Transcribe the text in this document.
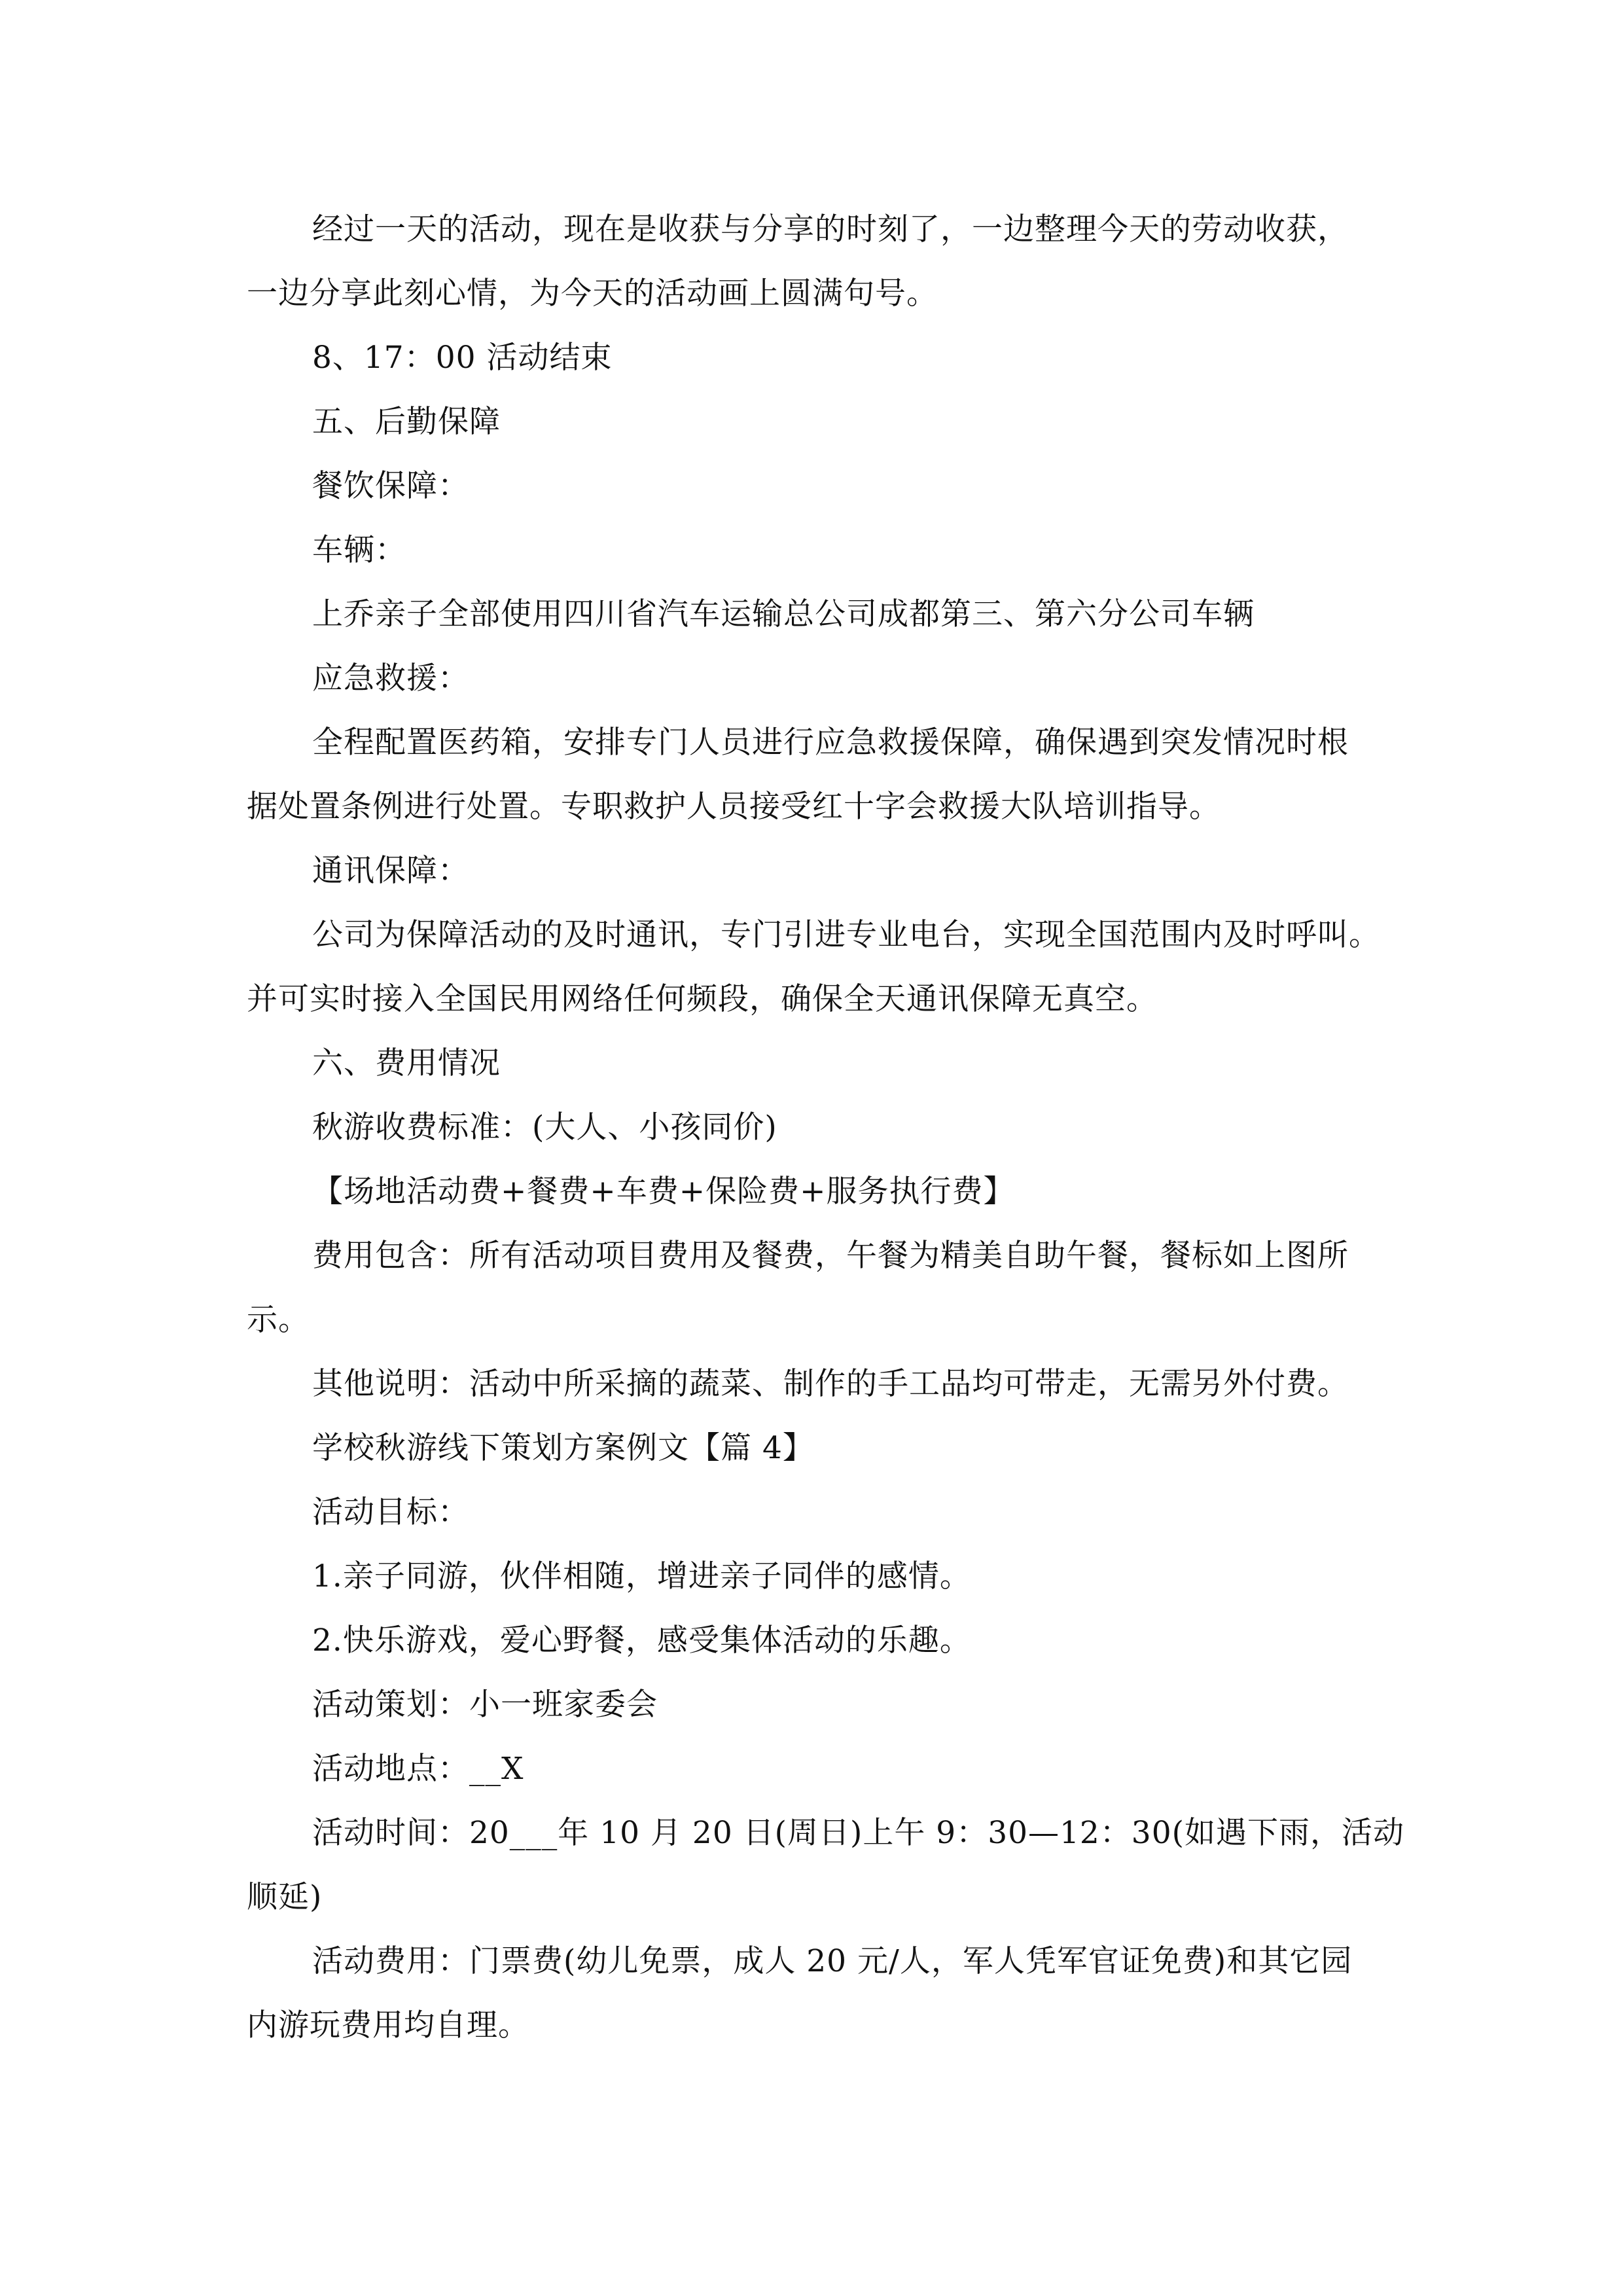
经过一天的活动，现在是收获与分享的时刻了，一边整理今天的劳动收获，
一边分享此刻心情，为今天的活动画上圆满句号。
8、17：00 活动结束
五、后勤保障
餐饮保障：
车辆：
上乔亲子全部使用四川省汽车运输总公司成都第三、第六分公司车辆
应急救援：
全程配置医药箱，安排专门人员进行应急救援保障，确保遇到突发情况时根
据处置条例进行处置。专职救护人员接受红十字会救援大队培训指导。
通讯保障：
公司为保障活动的及时通讯，专门引进专业电台，实现全国范围内及时呼叫。
并可实时接入全国民用网络任何频段，确保全天通讯保障无真空。
六、费用情况
秋游收费标准：(大人、小孩同价)
【场地活动费+餐费+车费+保险费+服务执行费】
费用包含：所有活动项目费用及餐费，午餐为精美自助午餐，餐标如上图所
示。
其他说明：活动中所采摘的蔬菜、制作的手工品均可带走，无需另外付费。
学校秋游线下策划方案例文【篇 4】
活动目标：
1.亲子同游，伙伴相随，增进亲子同伴的感情。
2.快乐游戏，爱心野餐，感受集体活动的乐趣。
活动策划：小一班家委会
活动地点：__X
活动时间：20___年 10 月 20 日(周日)上午 9：30—12：30(如遇下雨，活动
顺延)
活动费用：门票费(幼儿免票，成人 20 元/人，军人凭军官证免费)和其它园
内游玩费用均自理。
